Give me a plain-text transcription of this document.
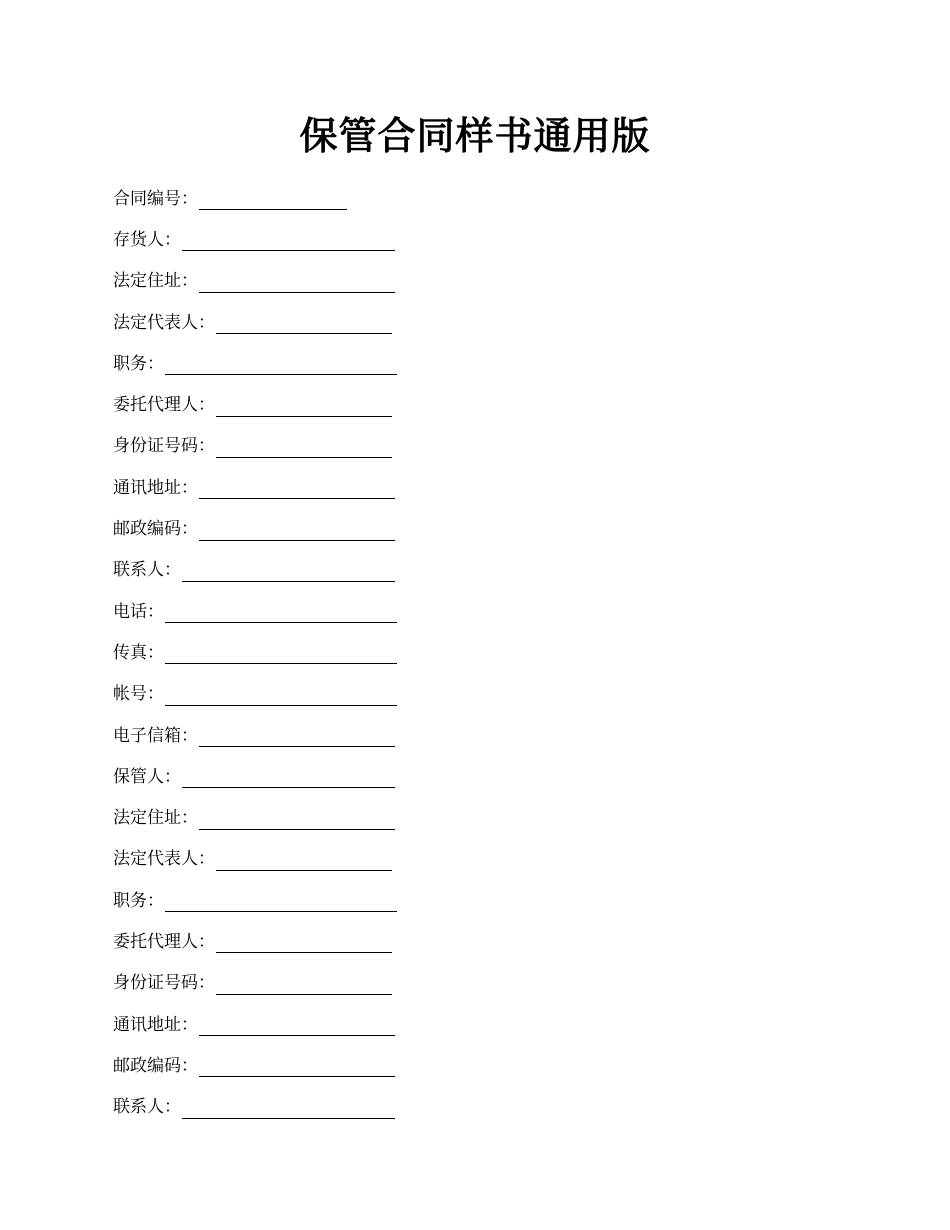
保管合同样书通用版
合同编号：
存货人：
法定住址：
法定代表人：
职务：
委托代理人：
身份证号码：
通讯地址：
邮政编码：
联系人：
电话：
传真：
帐号：
电子信箱：
保管人：
法定住址：
法定代表人：
职务：
委托代理人：
身份证号码：
通讯地址：
邮政编码：
联系人：
